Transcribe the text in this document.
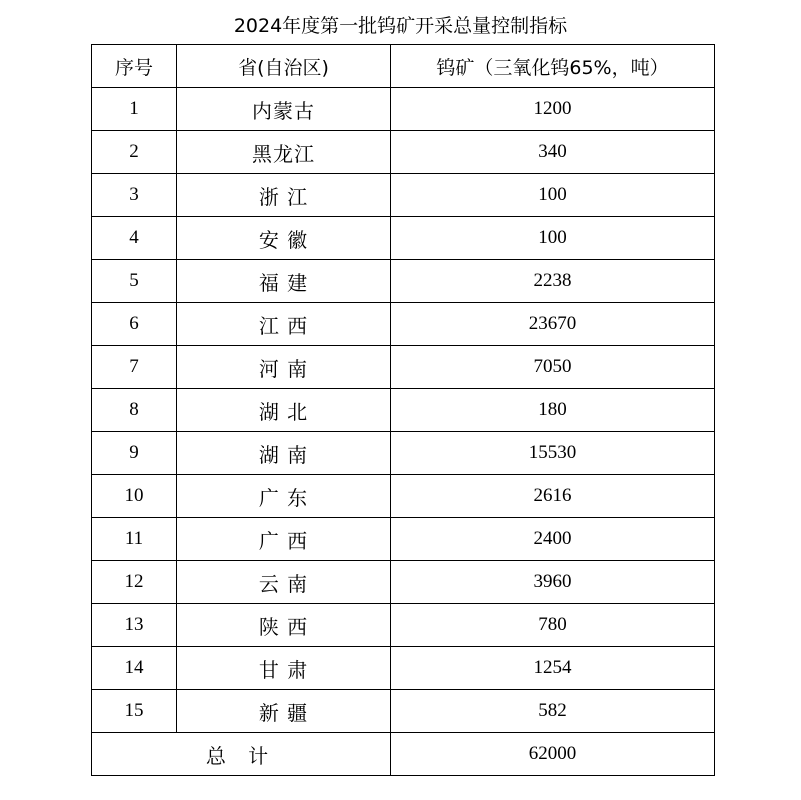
2024年度第一批钨矿开采总量控制指标
序号	省(自治区)	钨矿（三氧化钨65%，吨）
1	内蒙古	1200
2	黑龙江	340
3	浙 江	100
4	安 徽	100
5	福 建	2238
6	江 西	23670
7	河 南	7050
8	湖 北	180
9	湖 南	15530
10	广 东	2616
11	广 西	2400
12	云 南	3960
13	陕 西	780
14	甘 肃	1254
15	新 疆	582
总 计		62000
